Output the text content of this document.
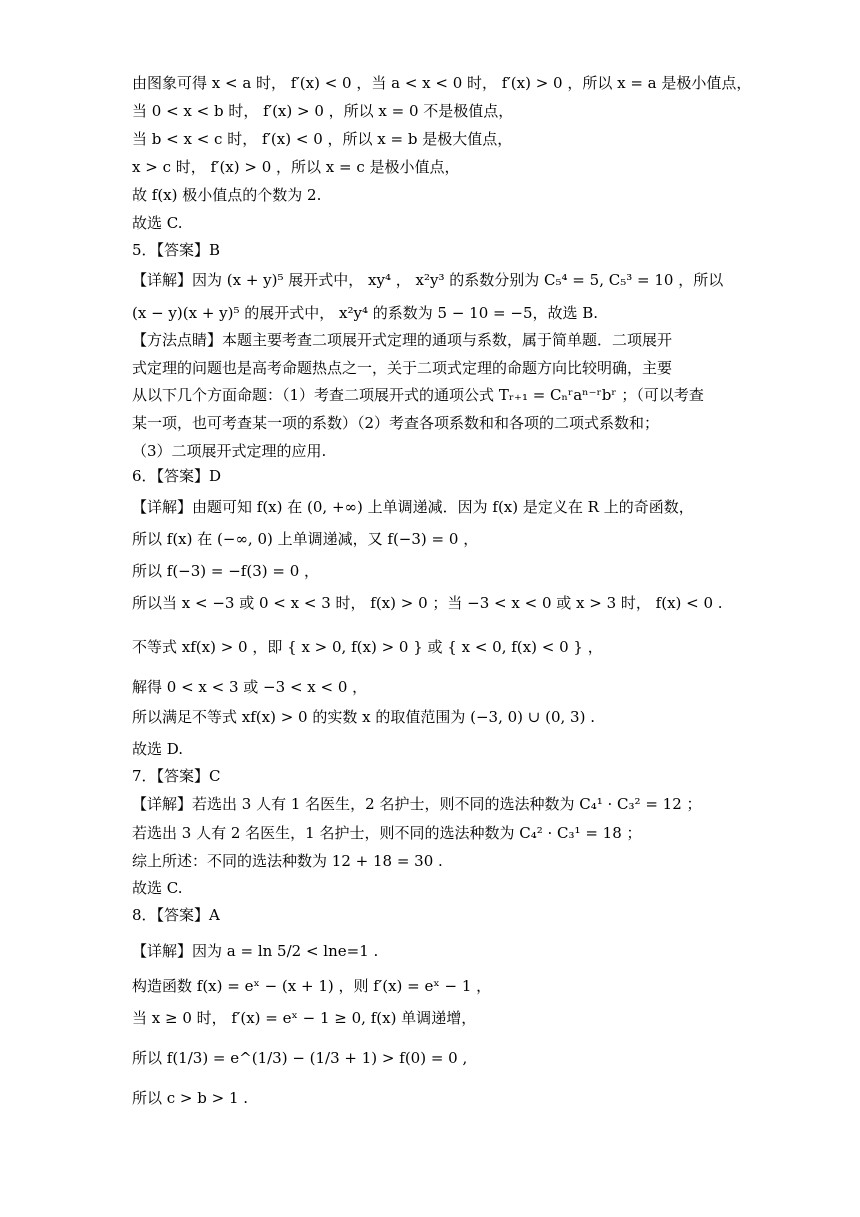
由图象可得 x < a 时， f′(x) < 0 ，当 a < x < 0 时， f′(x) > 0 ，所以 x = a 是极小值点，
当 0 < x < b 时， f′(x) > 0 ，所以 x = 0 不是极值点，
当 b < x < c 时， f′(x) < 0 ，所以 x = b 是极大值点，
x > c 时， f′(x) > 0 ，所以 x = c 是极小值点，
故 f(x) 极小值点的个数为 2.
故选 C.
5．【答案】B
【详解】因为 (x + y)⁵ 展开式中， xy⁴ ， x²y³ 的系数分别为 C₅⁴ = 5, C₅³ = 10 ，所以
(x − y)(x + y)⁵ 的展开式中， x²y⁴ 的系数为 5 − 10 = −5，故选 B.
【方法点睛】本题主要考查二项展开式定理的通项与系数，属于简单题．二项展开
式定理的问题也是高考命题热点之一，关于二项式定理的命题方向比较明确，主要
从以下几个方面命题：（1）考查二项展开式的通项公式 Tᵣ₊₁ = Cₙʳaⁿ⁻ʳbʳ ；（可以考查
某一项，也可考查某一项的系数）（2）考查各项系数和和各项的二项式系数和；
（3）二项展开式定理的应用.
6．【答案】D
【详解】由题可知 f(x) 在 (0, +∞) 上单调递减．因为 f(x) 是定义在 R 上的奇函数，
所以 f(x) 在 (−∞, 0) 上单调递减，又 f(−3) = 0 ，
所以 f(−3) = −f(3) = 0 ，
所以当 x < −3 或 0 < x < 3 时， f(x) > 0 ；当 −3 < x < 0 或 x > 3 时， f(x) < 0 .
不等式 xf(x) > 0 ，即 { x > 0, f(x) > 0 } 或 { x < 0, f(x) < 0 } ，
解得 0 < x < 3 或 −3 < x < 0 ，
所以满足不等式 xf(x) > 0 的实数 x 的取值范围为 (−3, 0) ∪ (0, 3) .
故选 D.
7．【答案】C
【详解】若选出 3 人有 1 名医生，2 名护士，则不同的选法种数为 C₄¹ · C₃² = 12 ；
若选出 3 人有 2 名医生，1 名护士，则不同的选法种数为 C₄² · C₃¹ = 18 ；
综上所述：不同的选法种数为 12 + 18 = 30 .
故选 C.
8．【答案】A
【详解】因为 a = ln 5/2 < lne=1 .
构造函数 f(x) = eˣ − (x + 1) ，则 f′(x) = eˣ − 1 ，
当 x ≥ 0 时， f′(x) = eˣ − 1 ≥ 0, f(x) 单调递增，
所以 f(1/3) = e^(1/3) − (1/3 + 1) > f(0) = 0 ,
所以 c > b > 1 .
